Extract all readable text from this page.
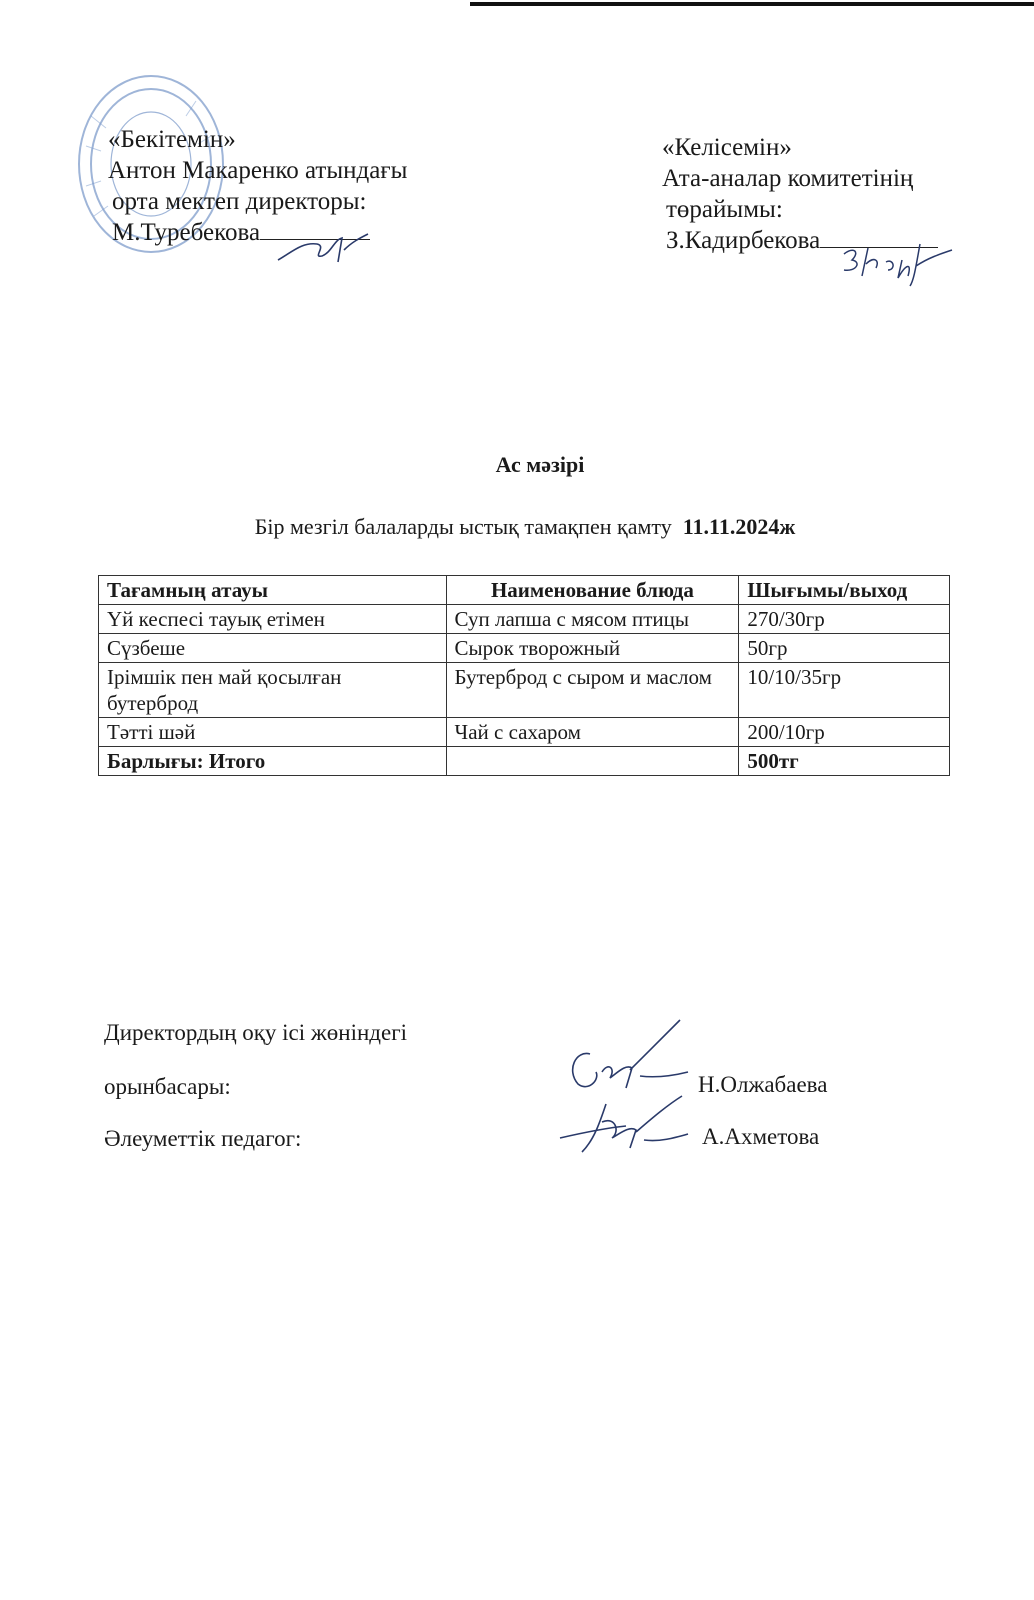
«Бекітемін»
Антон Макаренко атындағы
орта мектеп директоры:
М.Туребекова
«Келісемін»
Ата-аналар комитетінің
төрайымы:
З.Кадирбекова
Ас мәзірі
Бір мезгіл балаларды ыстық тамақпен қамту 11.11.2024ж
Тағамның атауы	Наименование блюда	Шығымы/выход
Үй кеспесі тауық етімен	Суп лапша с мясом птицы	270/30гр
Сүзбеше	Сырок творожный	50гр
Ірімшік пен май қосылған бутерброд	Бутерброд с сыром и маслом	10/10/35гр
Тәтті шәй	Чай с сахаром	200/10гр
Барлығы: Итого		500тг
Директордың оқу ісі жөніндегі
орынбасары:
Әлеуметтік педагог:
Н.Олжабаева
А.Ахметова
